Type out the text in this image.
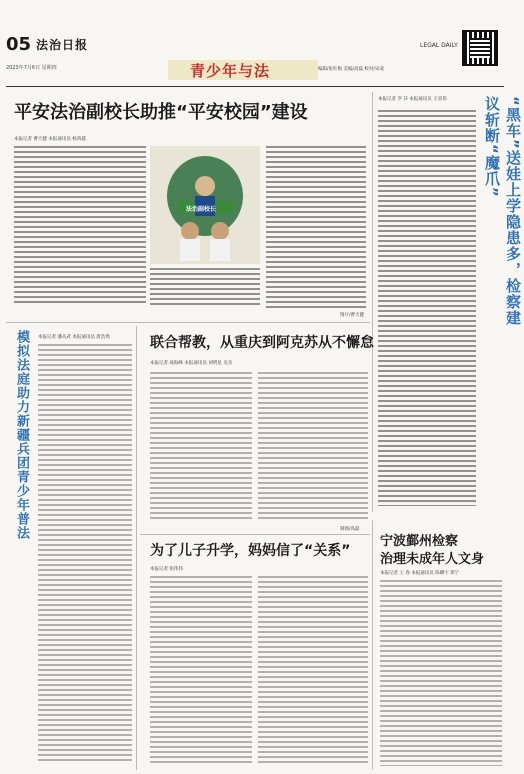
05 法治日报
2023年7月6日 星期四	青少年与法	编辑/张红梅 美编/高磊 校对/宋凌
LEGAL DAILY
平安法治副校长助推“平安校园”建设
本报记者 曹天健 本报通讯员 杨鸿越
法治副校长
图片/曹天健
本报记者 罗 莎 本报通讯员 王省伟	“黑车”送娃上学隐患多，检察建议斩断“魔爪”
模拟法庭助力新疆兵团青少年普法	本报记者 潘从武 本报通讯员 唐浩然	联合帮教，从重庆到阿克苏从不懈怠
本报记者 战海峰 本报通讯员 刘明星 吴杰
制图/高磊
为了儿子升学，妈妈信了“关系”
本报记者 张伟伟
宁波鄞州检察
治理未成年人文身
本报记者 王 春 本报通讯员 陈卿宇 郑宁
